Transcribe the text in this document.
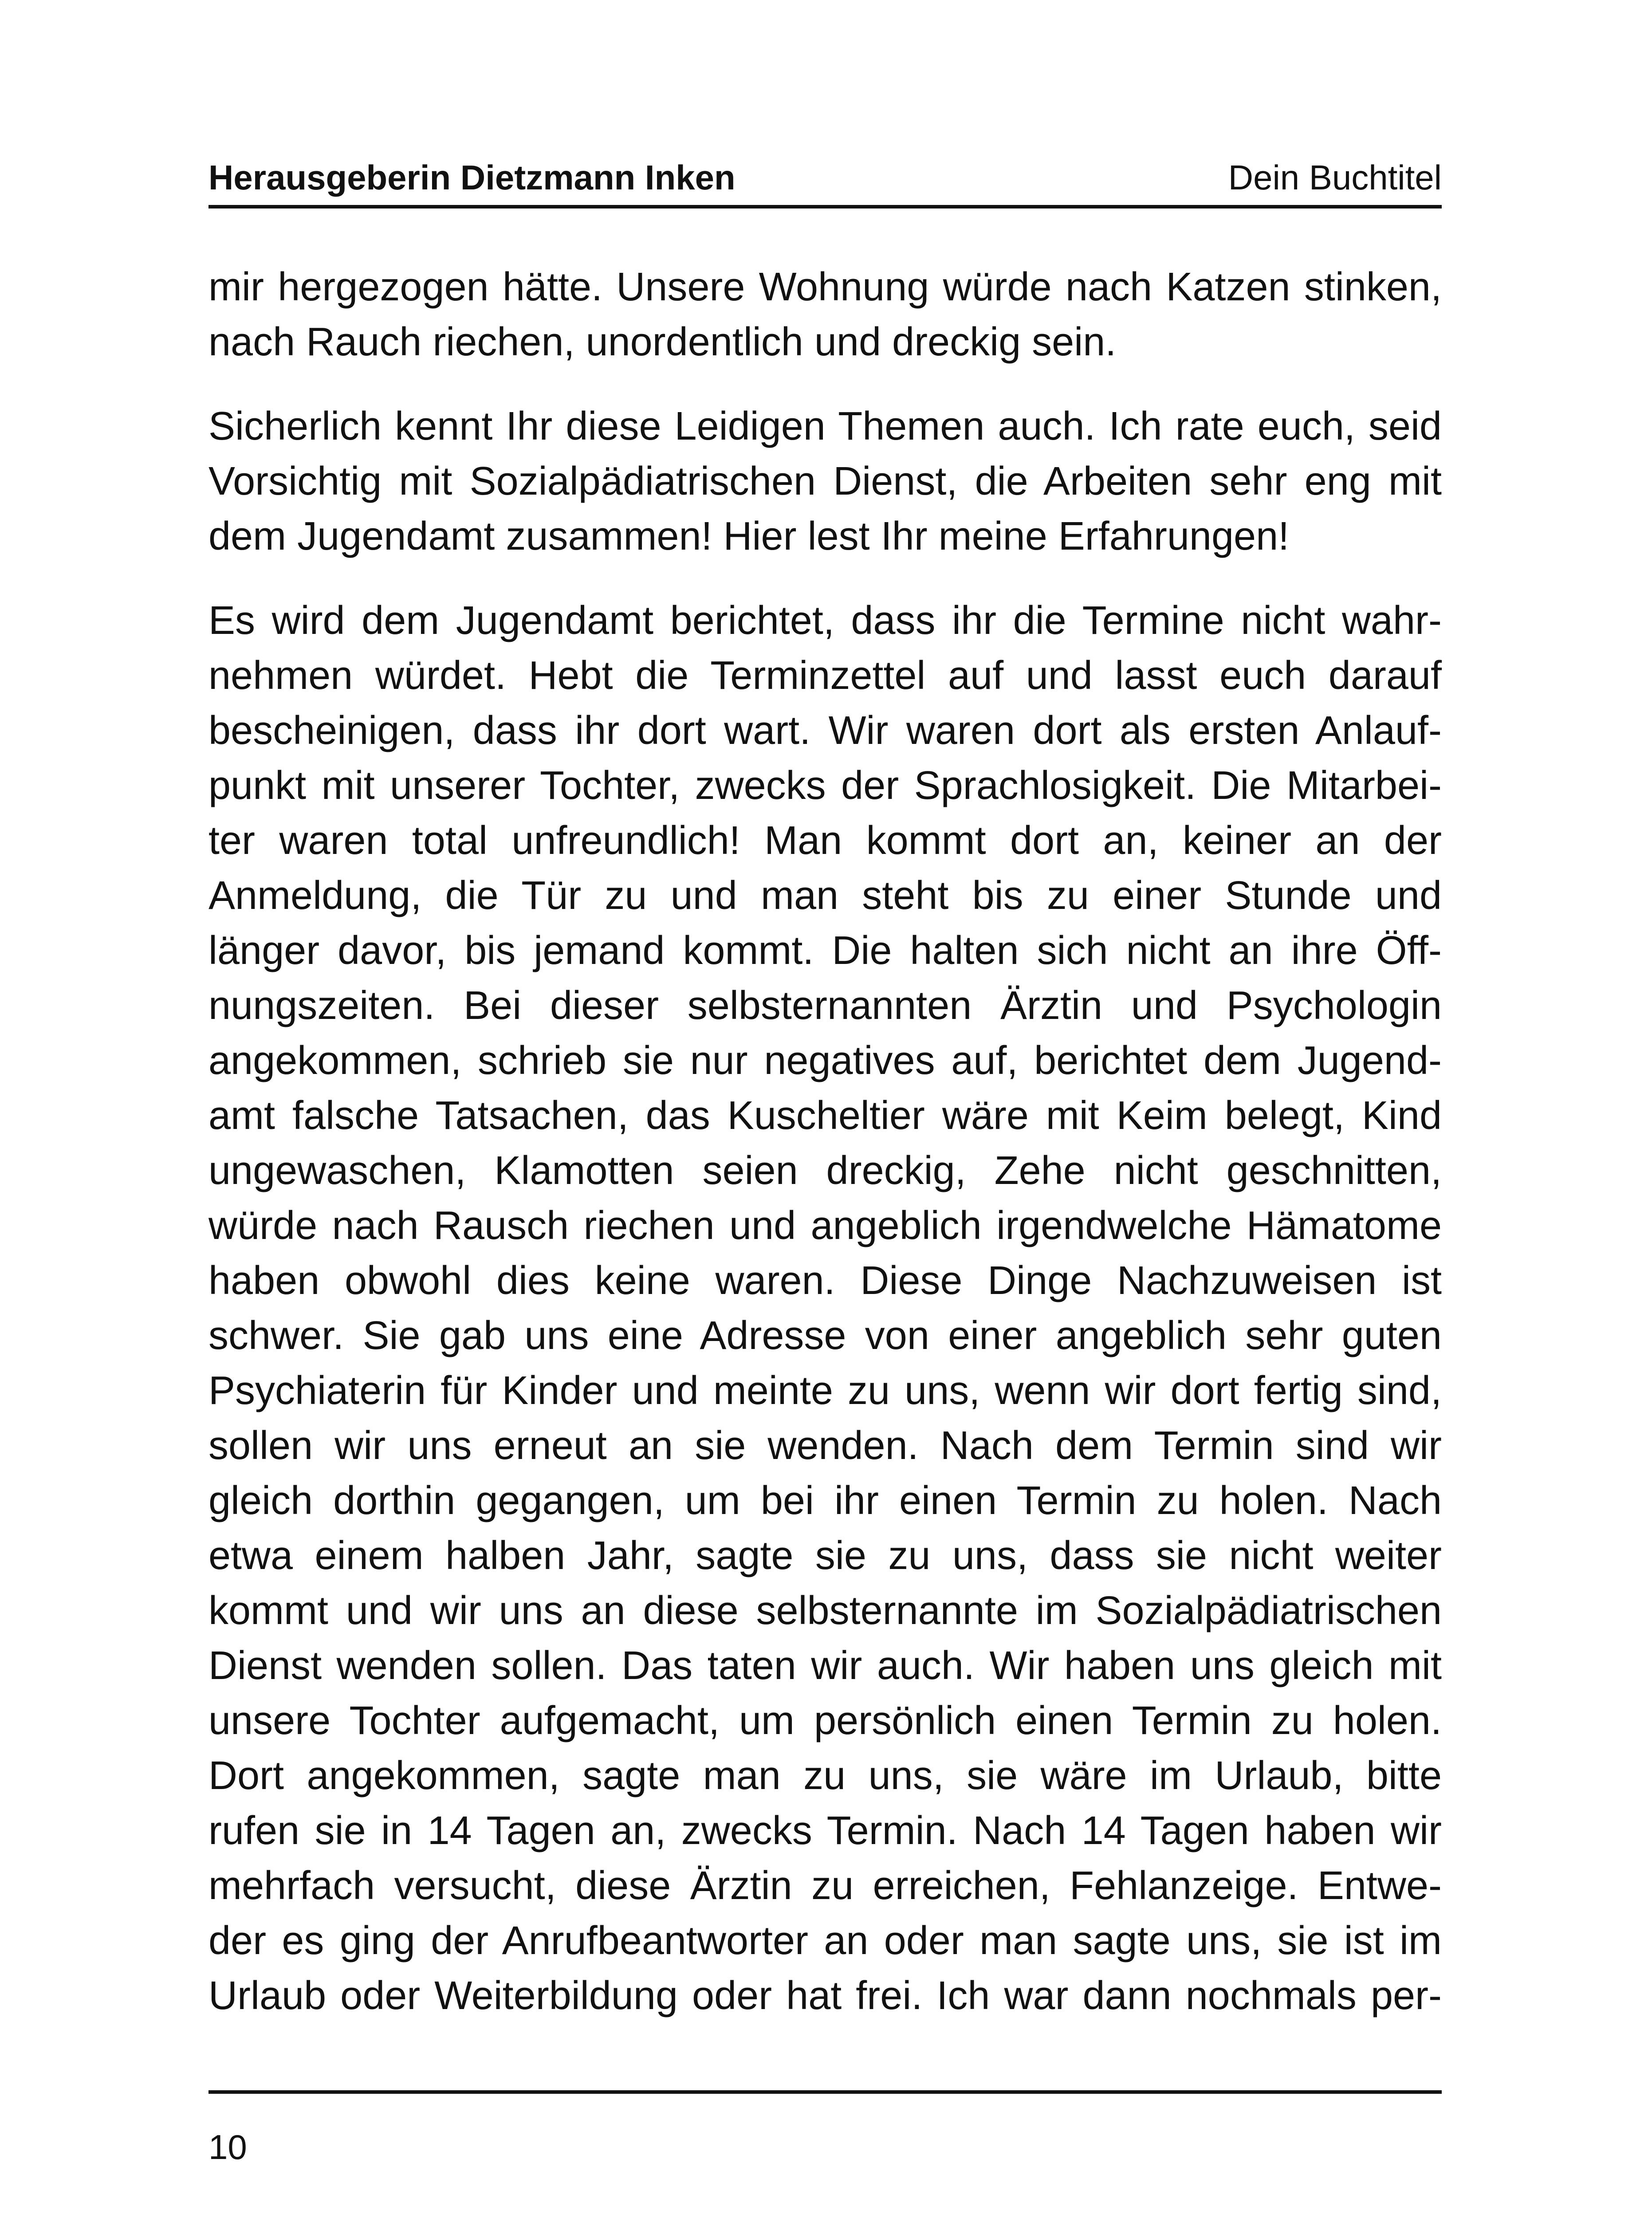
Herausgeberin Dietzmann Inken	Dein Buchtitel

mir hergezogen hätte. Unsere Wohnung würde nach Katzen stinken,
nach Rauch riechen, unordentlich und dreckig sein.

Sicherlich kennt Ihr diese Leidigen Themen auch. Ich rate euch, seid
Vorsichtig mit Sozialpädiatrischen Dienst, die Arbeiten sehr eng mit
dem Jugendamt zusammen! Hier lest Ihr meine Erfahrungen!

Es wird dem Jugendamt berichtet, dass ihr die Termine nicht wahr-
nehmen würdet. Hebt die Terminzettel auf und lasst euch darauf
bescheinigen, dass ihr dort wart. Wir waren dort als ersten Anlauf-
punkt mit unserer Tochter, zwecks der Sprachlosigkeit. Die Mitarbei-
ter waren total unfreundlich! Man kommt dort an, keiner an der
Anmeldung, die Tür zu und man steht bis zu einer Stunde und
länger davor, bis jemand kommt. Die halten sich nicht an ihre Öff-
nungszeiten. Bei dieser selbsternannten Ärztin und Psychologin
angekommen, schrieb sie nur negatives auf, berichtet dem Jugend-
amt falsche Tatsachen, das Kuscheltier wäre mit Keim belegt, Kind
ungewaschen, Klamotten seien dreckig, Zehe nicht geschnitten,
würde nach Rausch riechen und angeblich irgendwelche Hämatome
haben obwohl dies keine waren. Diese Dinge Nachzuweisen ist
schwer. Sie gab uns eine Adresse von einer angeblich sehr guten
Psychiaterin für Kinder und meinte zu uns, wenn wir dort fertig sind,
sollen wir uns erneut an sie wenden. Nach dem Termin sind wir
gleich dorthin gegangen, um bei ihr einen Termin zu holen. Nach
etwa einem halben Jahr, sagte sie zu uns, dass sie nicht weiter
kommt und wir uns an diese selbsternannte im Sozialpädiatrischen
Dienst wenden sollen. Das taten wir auch. Wir haben uns gleich mit
unsere Tochter aufgemacht, um persönlich einen Termin zu holen.
Dort angekommen, sagte man zu uns, sie wäre im Urlaub, bitte
rufen sie in 14 Tagen an, zwecks Termin. Nach 14 Tagen haben wir
mehrfach versucht, diese Ärztin zu erreichen, Fehlanzeige. Entwe-
der es ging der Anrufbeantworter an oder man sagte uns, sie ist im
Urlaub oder Weiterbildung oder hat frei. Ich war dann nochmals per-

10
